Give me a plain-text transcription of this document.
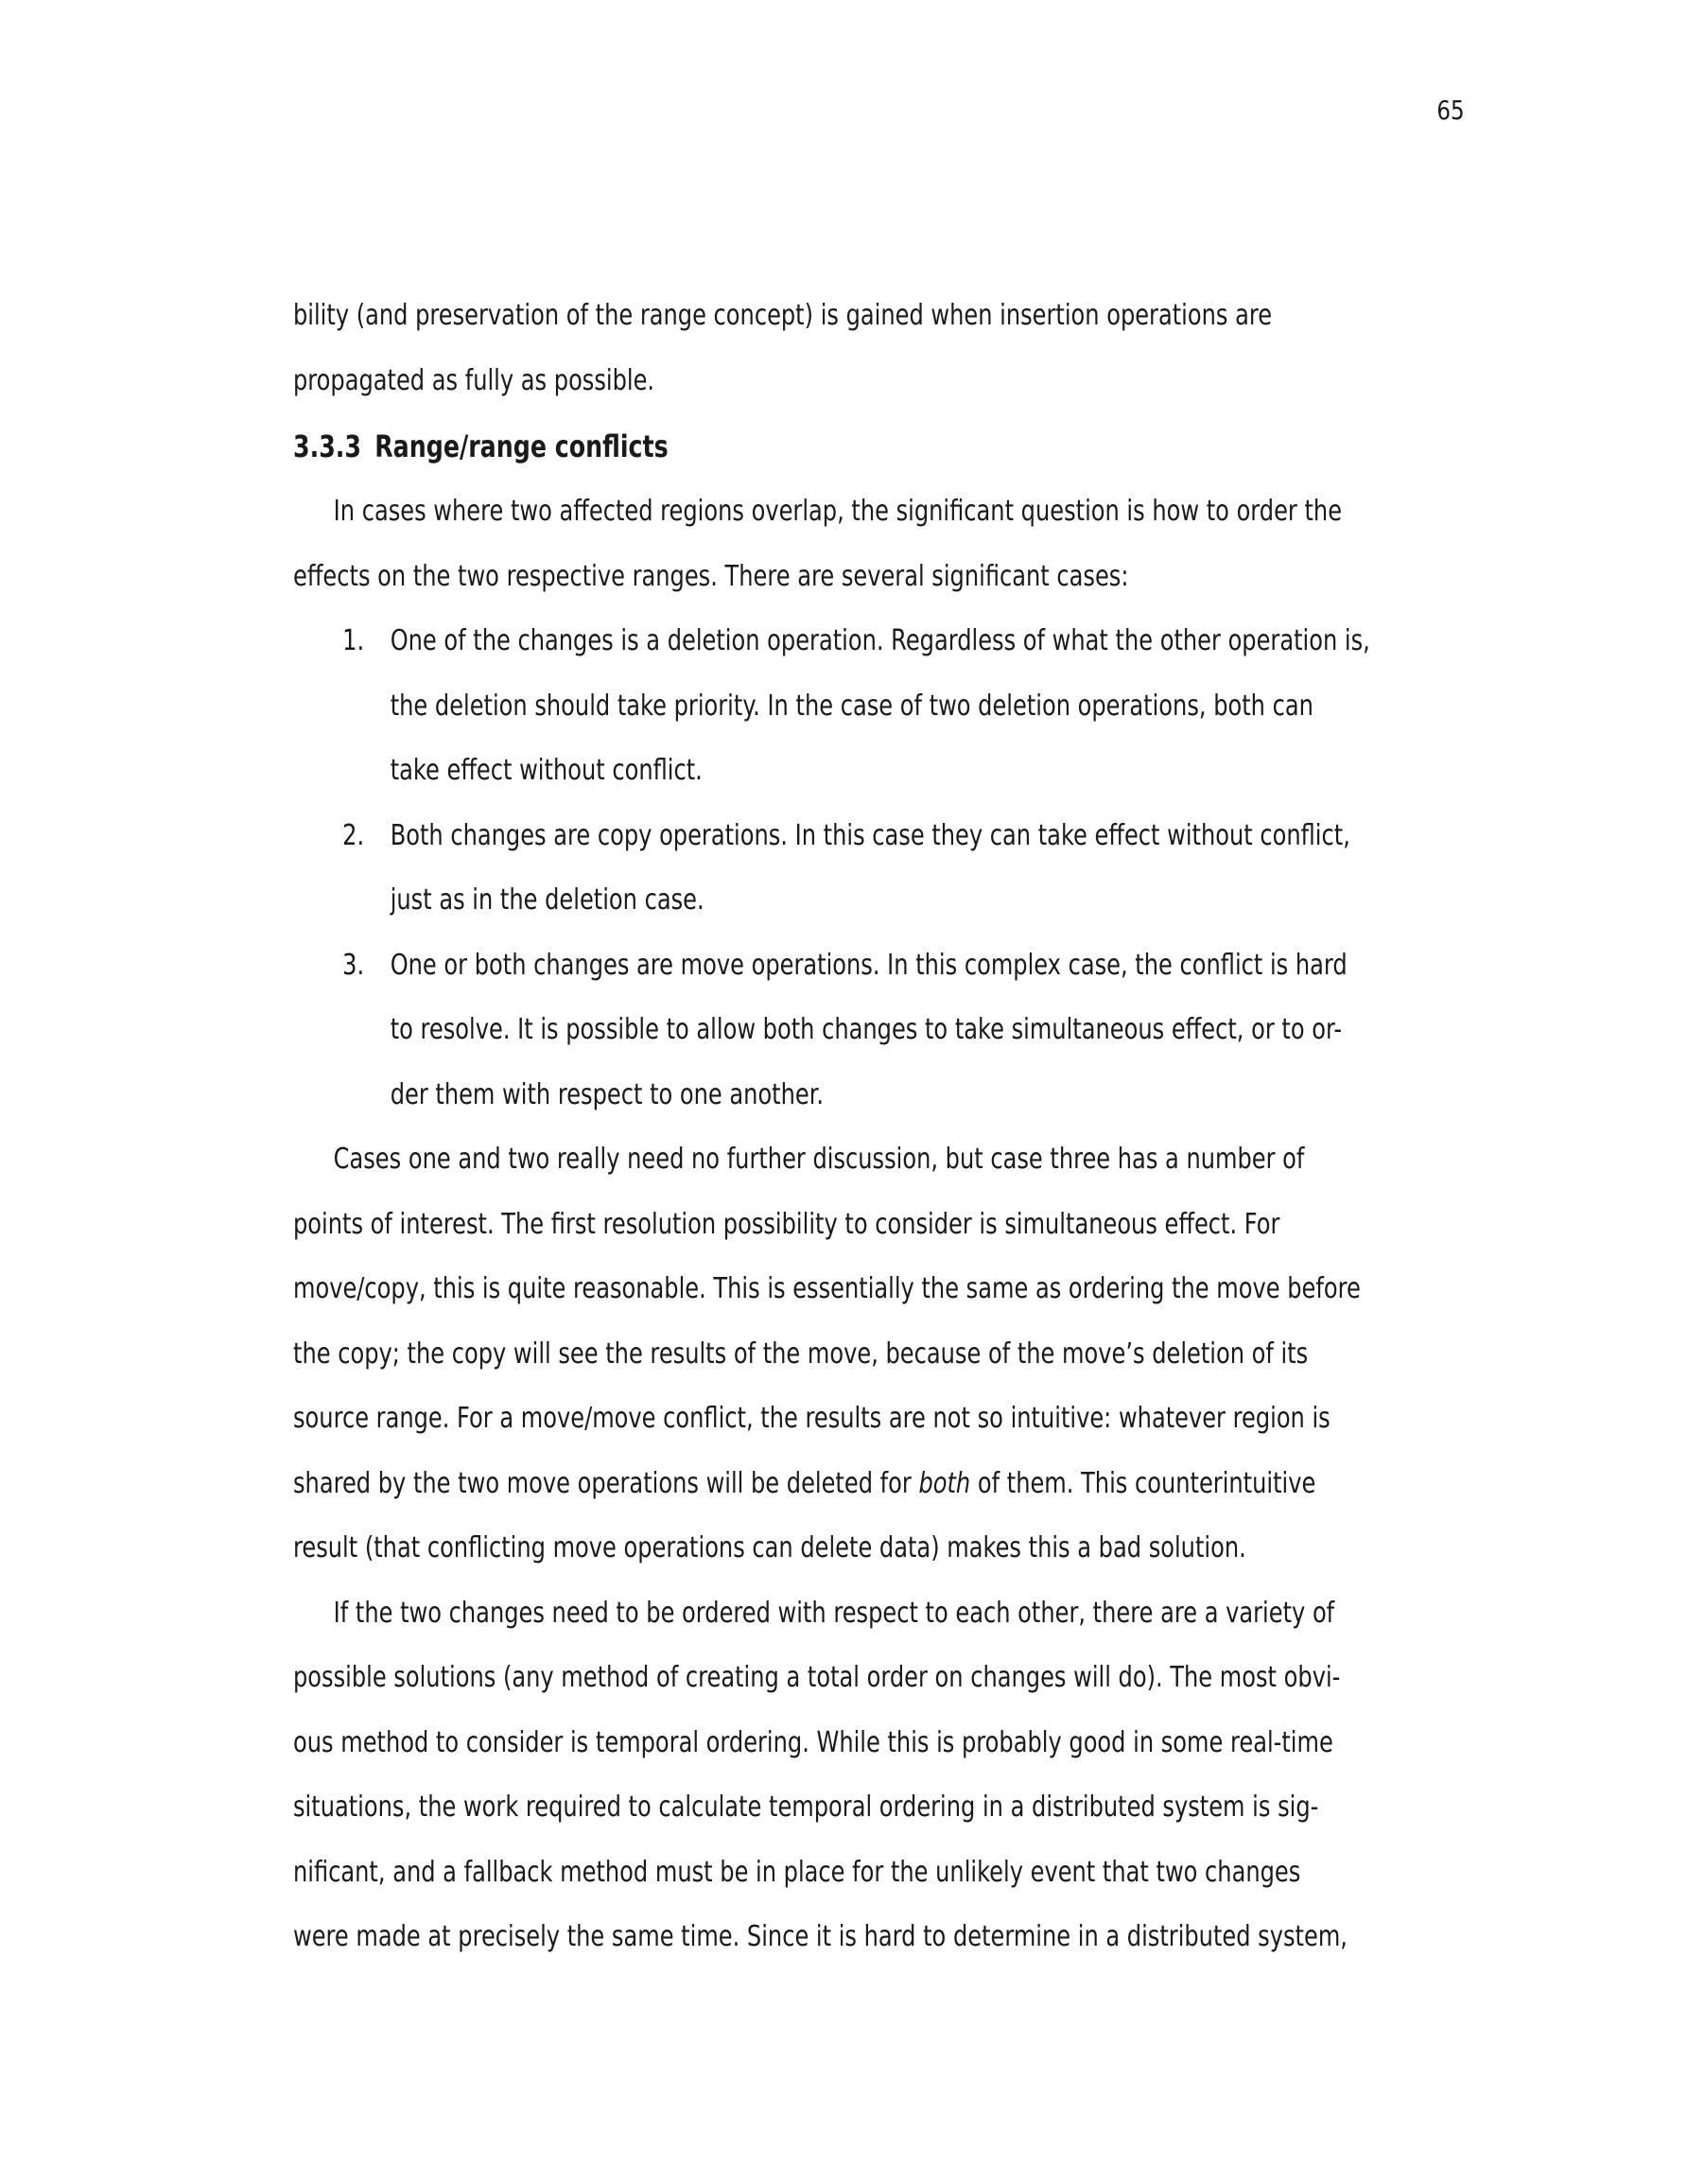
65

bility (and preservation of the range concept) is gained when insertion operations are
propagated as fully as possible.

3.3.3 Range/range conflicts

In cases where two affected regions overlap, the significant question is how to order the
effects on the two respective ranges. There are several significant cases:

1. One of the changes is a deletion operation. Regardless of what the other operation is,
the deletion should take priority. In the case of two deletion operations, both can
take effect without conflict.
2. Both changes are copy operations. In this case they can take effect without conflict,
just as in the deletion case.
3. One or both changes are move operations. In this complex case, the conflict is hard
to resolve. It is possible to allow both changes to take simultaneous effect, or to or-
der them with respect to one another.

Cases one and two really need no further discussion, but case three has a number of
points of interest. The first resolution possibility to consider is simultaneous effect. For
move/copy, this is quite reasonable. This is essentially the same as ordering the move before
the copy; the copy will see the results of the move, because of the move’s deletion of its
source range. For a move/move conflict, the results are not so intuitive: whatever region is
shared by the two move operations will be deleted for both of them. This counterintuitive
result (that conflicting move operations can delete data) makes this a bad solution.

If the two changes need to be ordered with respect to each other, there are a variety of
possible solutions (any method of creating a total order on changes will do). The most obvi-
ous method to consider is temporal ordering. While this is probably good in some real-time
situations, the work required to calculate temporal ordering in a distributed system is sig-
nificant, and a fallback method must be in place for the unlikely event that two changes
were made at precisely the same time. Since it is hard to determine in a distributed system,
